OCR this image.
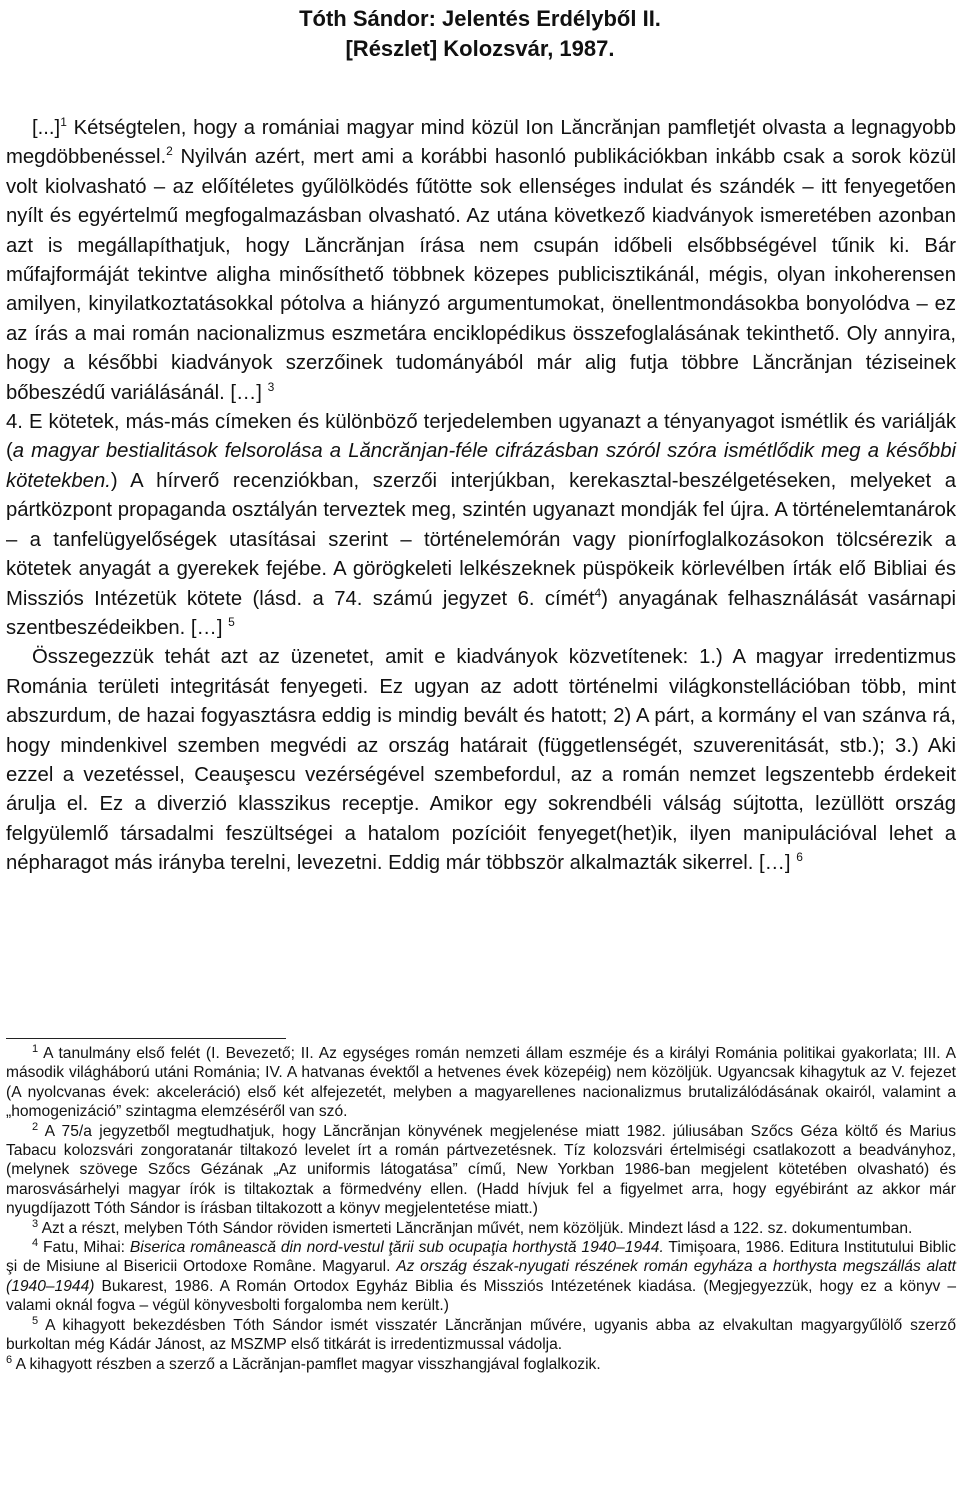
Tóth Sándor: Jelentés Erdélyből II.

[Részlet] Kolozsvár, 1987.

[...]$^1$ Kétségtelen, hogy a romániai magyar mind közül Ion Lăncrănjan pamfletjét olvasta a legnagyobb megdöbbenéssel.$^2$ Nyilván azért, mert ami a korábbi hasonló publikációkban inkább csak a sorok közül volt kiolvasható – az előítéletes gyűlölködés fűtötte sok ellenséges indulat és szándék – itt fenyegetően nyílt és egyértelmű megfogalmazásban olvasható. Az utána következő kiadványok ismeretében azonban azt is megállapíthatjuk, hogy Lăncrănjan írása nem csupán időbeli elsőbbségével tűnik ki. Bár műfajformáját tekintve aligha minősíthető többnek közepes publicisztikánál, mégis, olyan inkoherensen amilyen, kinyilatkoztatásokkal pótolva a hiányzó argumentumokat, önellentmondásokba bonyolódva – ez az írás a mai román nacionalizmus eszmetára enciklopédikus összefoglalásának tekinthető. Oly annyira, hogy a későbbi kiadványok szerzőinek tudományából már alig futja többre Lăncrănjan téziseinek bőbeszédű variálásánál. […] $^3$

4. E kötetek, más-más címeken és különböző terjedelemben ugyanazt a tényanyagot ismétlik és variálják (a magyar bestialitások felsorolása a Lăncrănjan-féle cifrázásban szóról szóra ismétlődik meg a későbbi kötetekben.) A hírverő recenziókban, szerzői interjúkban, kerekasztal-beszélgetéseken, melyeket a pártközpont propaganda osztályán terveztek meg, szintén ugyanazt mondják fel újra. A történelemtanárok – a tanfelügyelőségek utasításai szerint – történelemórán vagy pionírfoglalkozásokon tölcsérezik a kötetek anyagát a gyerekek fejébe. A görögkeleti lelkészeknek püspökeik körlevélben írták elő Bibliai és Missziós Intézetük kötete (lásd. a 74. számú jegyzet 6. címét$^4$) anyagának felhasználását vasárnapi szentbeszédeikben. […] $^5$

Összegezzük tehát azt az üzenetet, amit e kiadványok közvetítenek: 1.) A magyar irredentizmus Románia területi integritását fenyegeti. Ez ugyan az adott történelmi világkonstellációban több, mint abszurdum, de hazai fogyasztásra eddig is mindig bevált és hatott; 2) A párt, a kormány el van szánva rá, hogy mindenkivel szemben megvédi az ország határait (függetlenségét, szuverenitását, stb.); 3.) Aki ezzel a vezetéssel, Ceauşescu vezérségével szembefordul, az a román nemzet legszentebb érdekeit árulja el. Ez a diverzió klasszikus receptje. Amikor egy sokrendbéli válság sújtotta, lezüllött ország felgyülemlő társadalmi feszültségei a hatalom pozícióit fenyeget(het)ik, ilyen manipulációval lehet a népharagot más irányba terelni, levezetni. Eddig már többször alkalmazták sikerrel. […] $^6$

$^1$ A tanulmány első felét (I. Bevezető; II. Az egységes román nemzeti állam eszméje és a királyi Románia politikai gyakorlata; III. A második világháború utáni Románia; IV. A hatvanas évektől a hetvenes évek közepéig) nem közöljük. Ugyancsak kihagytuk az V. fejezet (A nyolcvanas évek: akceleráció) első két alfejezetét, melyben a magyarellenes nacionalizmus brutalizálódásának okairól, valamint a „homogenizáció” szintagma elemzéséről van szó.

$^2$ A 75/a jegyzetből megtudhatjuk, hogy Lăncrănjan könyvének megjelenése miatt 1982. júliusában Szőcs Géza költő és Marius Tabacu kolozsvári zongoratanár tiltakozó levelet írt a román pártvezetésnek. Tíz kolozsvári értelmiségi csatlakozott a beadványhoz, (melynek szövege Szőcs Gézának „Az uniformis látogatása” című, New Yorkban 1986-ban megjelent kötetében olvasható) és marosvásárhelyi magyar írók is tiltakoztak a förmedvény ellen. (Hadd hívjuk fel a figyelmet arra, hogy egyébiránt az akkor már nyugdíjazott Tóth Sándor is írásban tiltakozott a könyv megjelentetése miatt.)

$^3$ Azt a részt, melyben Tóth Sándor röviden ismerteti Lăncrănjan művét, nem közöljük. Mindezt lásd a 122. sz. dokumentumban.

$^4$ Fatu, Mihai: Biserica românească din nord-vestul ţării sub ocupaţia horthystă 1940–1944. Timişoara, 1986. Editura Institutului Biblic şi de Misiune al Bisericii Ortodoxe Române. Magyarul. Az ország észak-nyugati részének román egyháza a horthysta megszállás alatt (1940–1944) Bukarest, 1986. A Román Ortodox Egyház Biblia és Missziós Intézetének kiadása. (Megjegyezzük, hogy ez a könyv – valami oknál fogva – végül könyvesbolti forgalomba nem került.)

$^5$ A kihagyott bekezdésben Tóth Sándor ismét visszatér Lăncrănjan művére, ugyanis abba az elvakultan magyargyűlölő szerző burkoltan még Kádár Jánost, az MSZMP első titkárát is irredentizmussal vádolja.

$^6$ A kihagyott részben a szerző a Lăcrănjan-pamflet magyar visszhangjával foglalkozik.
